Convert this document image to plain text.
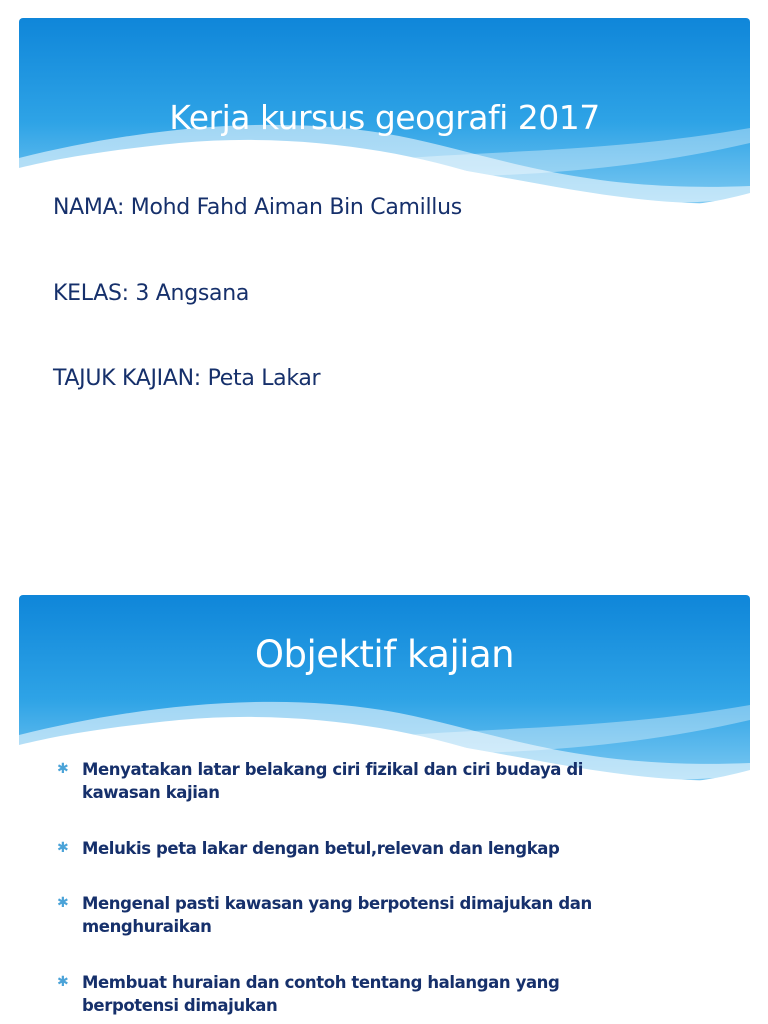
Kerja kursus geografi 2017

NAMA: Mohd Fahd Aiman Bin Camillus

KELAS: 3 Angsana

TAJUK KAJIAN: Peta Lakar

Objektif kajian
✱ Menyatakan latar belakang ciri fizikal dan ciri budaya di kawasan kajian
✱ Melukis peta lakar dengan betul,relevan dan lengkap
✱ Mengenal pasti kawasan yang berpotensi dimajukan dan menghuraikan
✱ Membuat huraian dan contoh tentang halangan yang berpotensi dimajukan
